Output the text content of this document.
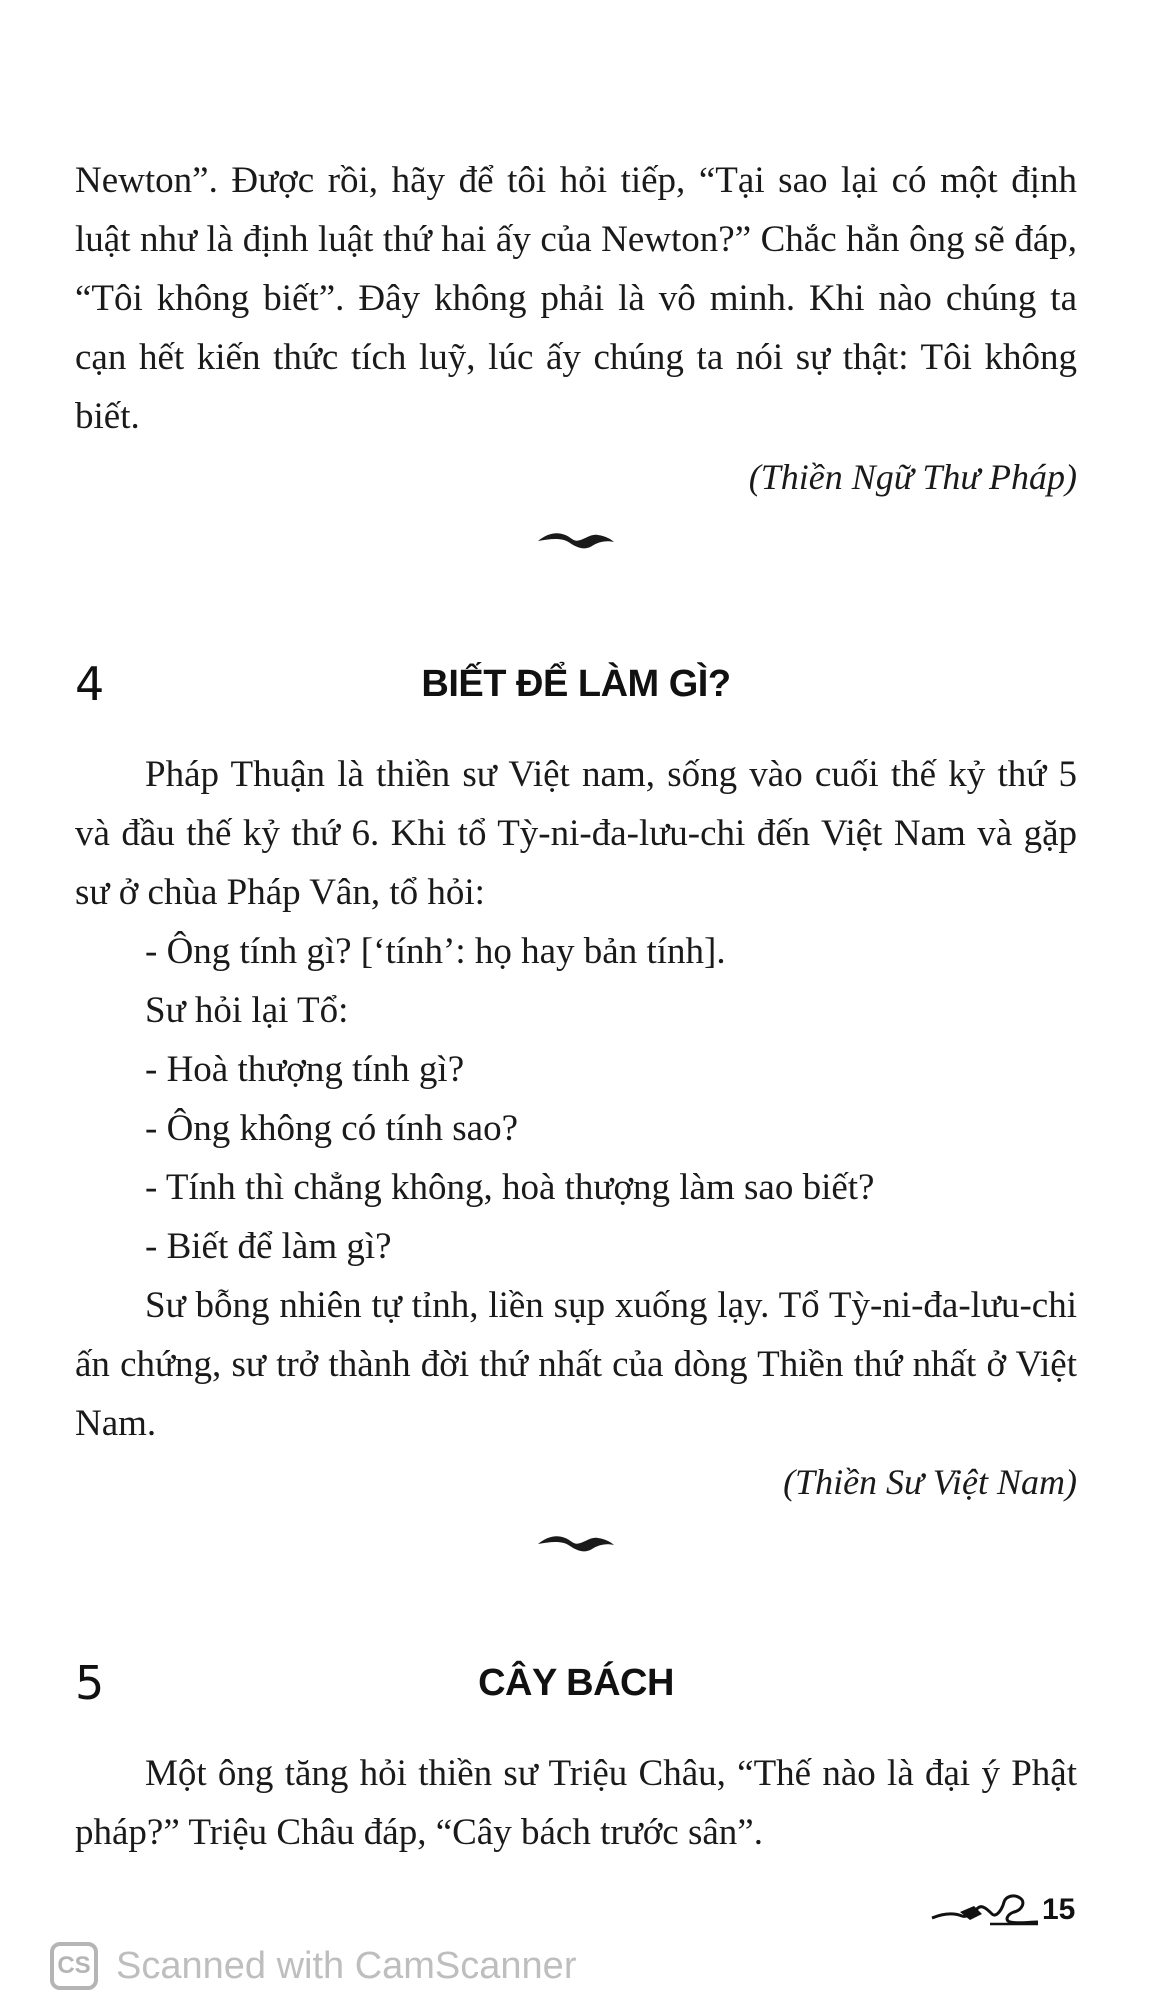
Newton”. Được rồi, hãy để tôi hỏi tiếp, “Tại sao lại có một định luật như là định luật thứ hai ấy của Newton?” Chắc hẳn ông sẽ đáp, “Tôi không biết”. Đây không phải là vô minh. Khi nào chúng ta cạn hết kiến thức tích luỹ, lúc ấy chúng ta nói sự thật: Tôi không biết.

(Thiền Ngữ Thư Pháp)
4	BIẾT ĐỂ LÀM GÌ?

Pháp Thuận là thiền sư Việt nam, sống vào cuối thế kỷ thứ 5 và đầu thế kỷ thứ 6. Khi tổ Tỳ-ni-đa-lưu-chi đến Việt Nam và gặp sư ở chùa Pháp Vân, tổ hỏi:

- Ông tính gì? [‘tính’: họ hay bản tính].

Sư hỏi lại Tổ:

- Hoà thượng tính gì?

- Ông không có tính sao?

- Tính thì chẳng không, hoà thượng làm sao biết?

- Biết để làm gì?

Sư bỗng nhiên tự tỉnh, liền sụp xuống lạy. Tổ Tỳ-ni-đa-lưu-chi ấn chứng, sư trở thành đời thứ nhất của dòng Thiền thứ nhất ở Việt Nam.

(Thiền Sư Việt Nam)
5	CÂY BÁCH

Một ông tăng hỏi thiền sư Triệu Châu, “Thế nào là đại ý Phật pháp?” Triệu Châu đáp, “Cây bách trước sân”.

15
CS Scanned with CamScanner
